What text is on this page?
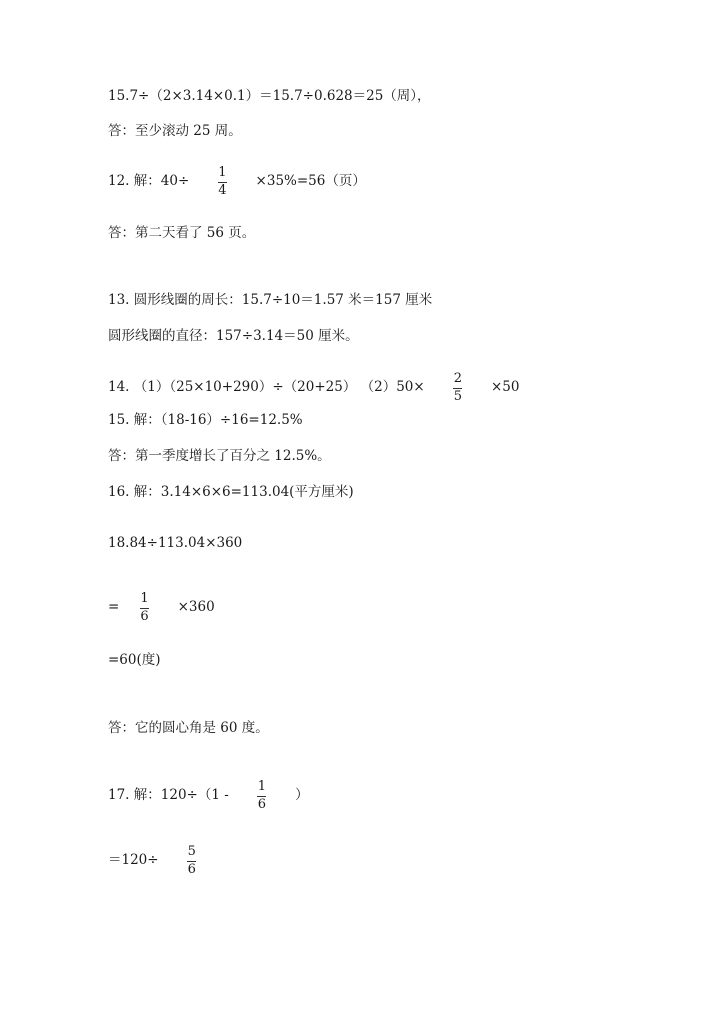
15.7÷（2×3.14×0.1）＝15.7÷0.628＝25（周），
答：至少滚动 25 周。
12. 解：$40\div \frac{1}{4} \times 35\%=56$（页）
答：第二天看了 56 页。
13. 圆形线圈的周长：15.7÷10＝1.57 米＝157 厘米
圆形线圈的直径：157÷3.14＝50 厘米。
14. （1）（25×10+290）÷（20+25） $(2)50\times \frac{2}{5} \times 50$
15. 解：（18-16）÷16=12.5%
答：第一季度增长了百分之 12.5%。
16. 解：3.14×6×6=113.04(平方厘米)
18.84÷113.04×360
= $\frac{1}{6} \times 360$
=60(度)
答：它的圆心角是 60 度。
17. 解：$120\div(1 - \frac{1}{6}$ ）
$=120\div \frac{5}{6}$
